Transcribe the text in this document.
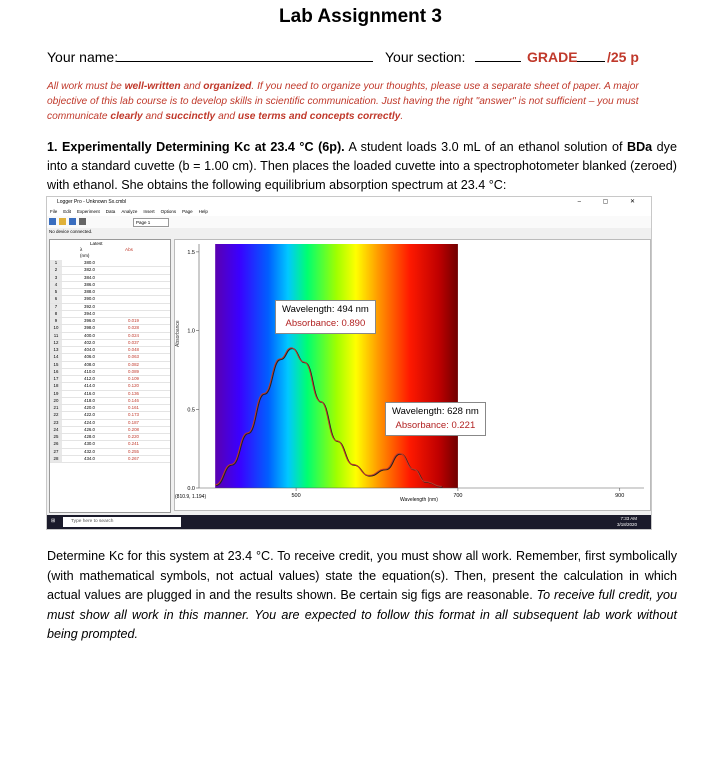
Lab Assignment 3
Your name:	Your section:	GRADE /25 p
All work must be well-written and organized. If you need to organize your thoughts, please use a separate sheet of paper. A major objective of this lab course is to develop skills in scientific communication. Just having the right "answer" is not sufficient – you must communicate clearly and succinctly and use terms and concepts correctly.
1. Experimentally Determining Kc at 23.4 °C (6p). A student loads 3.0 mL of an ethanol solution of BDa dye into a standard cuvette (b = 1.00 cm). Then places the loaded cuvette into a spectrophotometer blanked (zeroed) with ethanol. She obtains the following equilibrium absorption spectrum at 23.4 °C:
Logger Pro - Unknown Sx.cmbl	– ▢ ✕
File Edit Experiment Data Analyze Insert Options Page Help
Page 1
No device connected.
Latest
λ	Abs
(nm)
1	380.0
2	382.0
3	384.0
4	386.0
5	388.0
6	390.0
7	392.0
8	394.0
9	396.0	0.019
10	398.0	0.028
11	400.0	0.024
12	402.0	0.037
13	404.0	0.048
14	406.0	0.063
15	408.0	0.082
16	410.0	0.089
17	412.0	0.109
18	414.0	0.120
19	416.0	0.136
20	418.0	0.146
21	420.0	0.161
22	422.0	0.173
23	424.0	0.187
24	426.0	0.208
25	428.0	0.220
26	430.0	0.241
27	432.0	0.255
28	434.0	0.267
500	700	900
0.0
0.5
1.0
1.5
Wavelength: 494 nm
Absorbance: 0.890
Wavelength: 628 nm
Absorbance: 0.221
Absorbance
(810.9, 1.194)	Wavelength (nm)
⊞	Type here to search
7:33 AM
3/18/2020
Determine Kc for this system at 23.4 °C. To receive credit, you must show all work. Remember, first symbolically (with mathematical symbols, not actual values) state the equation(s). Then, present the calculation in which actual values are plugged in and the results shown. Be certain sig figs are reasonable. To receive full credit, you must show all work in this manner. You are expected to follow this format in all subsequent lab work without being prompted.
